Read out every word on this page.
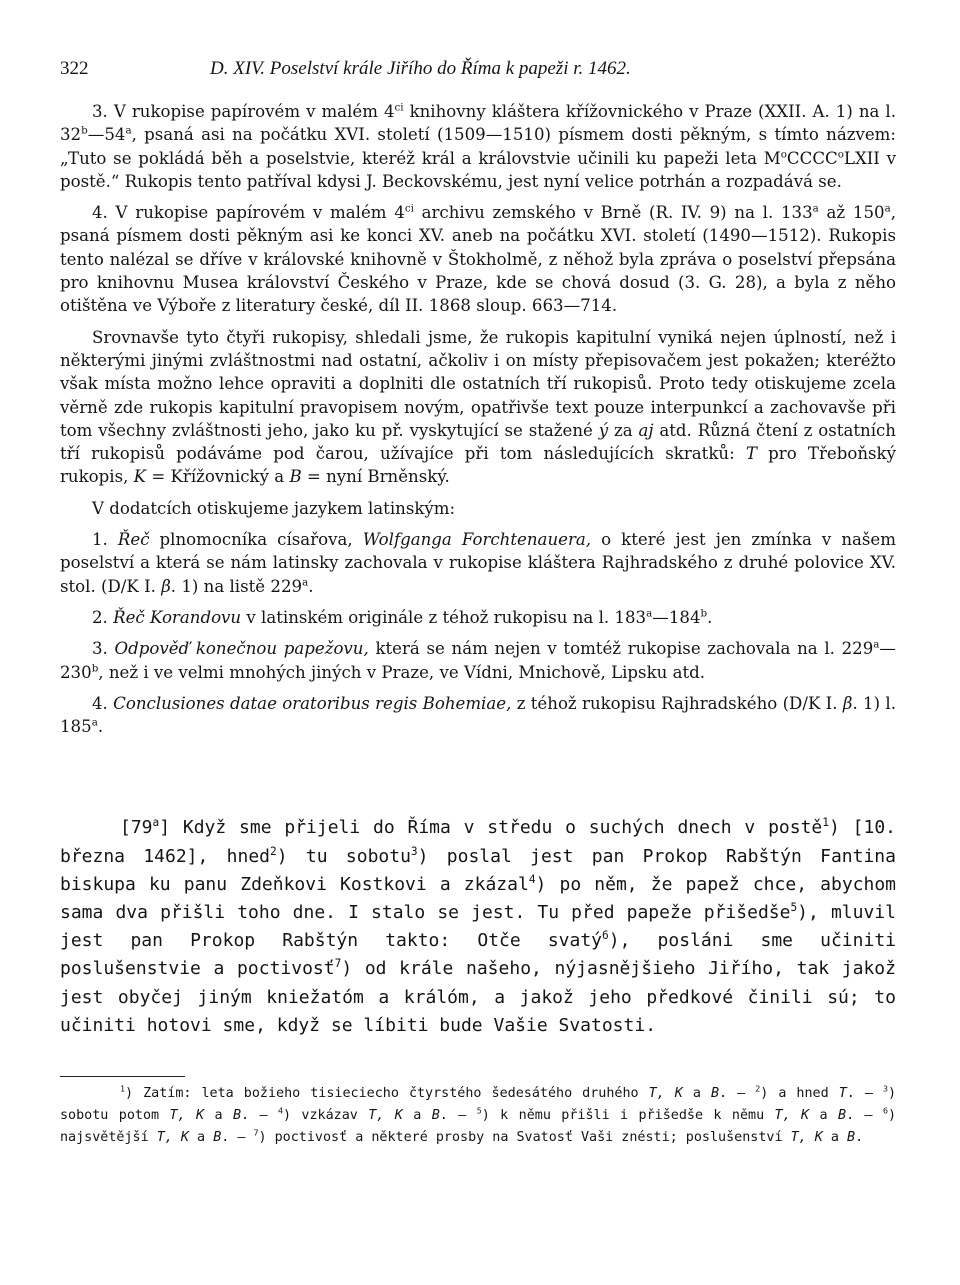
322	D. XIV. Poselství krále Jiřího do Říma k papeži r. 1462.

3. V rukopise papírovém v malém $4^{ci}$ knihovny kláštera křížovnického v Praze (XXII. A. 1) na l. 32$^b$—54$^a$, psaná asi na počátku XVI. století (1509—1510) písmem dosti pěkným, s tímto názvem: „Tuto se pokládá běh a poselstvie, kteréž král a královstvie učinili ku papeži leta $M^oCCCC^oLXII$ v postě.“ Rukopis tento patříval kdysi J. Beckovskému, jest nyní velice potrhán a rozpadává se.

4. V rukopise papírovém v malém $4^{ci}$ archivu zemského v Brně (R. IV. 9) na l. 133$^a$ až 150$^a$, psaná písmem dosti pěkným asi ke konci XV. aneb na počátku XVI. století (1490—1512). Rukopis tento nalézal se dříve v královské knihovně v Štokholmě, z něhož byla zpráva o poselství přepsána pro knihovnu Musea království Českého v Praze, kde se chová dosud (3. G. 28), a byla z něho otištěna ve Výboře z literatury české, díl II. 1868 sloup. 663—714.

Srovnavše tyto čtyři rukopisy, shledali jsme, že rukopis kapitulní vyniká nejen úplností, než i některými jinými zvláštnostmi nad ostatní, ačkoliv i on místy přepisovačem jest pokažen; kteréžto však místa možno lehce opraviti a doplniti dle ostatních tří rukopisů. Proto tedy otiskujeme zcela věrně zde rukopis kapitulní pravopisem novým, opatřivše text pouze interpunkcí a zachovavše při tom všechny zvláštnosti jeho, jako ku př. vyskytující se stažené ý za aj atd. Různá čtení z ostatních tří rukopisů podáváme pod čarou, užívajíce při tom následujících skratků: T pro Třeboňský rukopis, K = Křížovnický a B = nyní Brněnský.

V dodatcích otiskujeme jazykem latinským:

1. Řeč plnomocníka císařova, Wolfganga Forchtenauera, o které jest jen zmínka v našem poselství a která se nám latinsky zachovala v rukopise kláštera Rajhradského z druhé polovice XV. stol. (D/K I. β. 1) na listě 229$^a$.

2. Řeč Korandovu v latinském originále z téhož rukopisu na l. 183$^a$—184$^b$.

3. Odpověď konečnou papežovu, která se nám nejen v tomtéž rukopise zachovala na l. 229$^a$—230$^b$, než i ve velmi mnohých jiných v Praze, ve Vídni, Mnichově, Lipsku atd.

4. Conclusiones datae oratoribus regis Bohemiae, z téhož rukopisu Rajhradského (D/K I. β. 1) l. 185$^a$.

[79$^a$] Když sme přijeli do Říma v středu o suchých dnech v postě$^1$) [10. března 1462], hned$^2$) tu sobotu$^3$) poslal jest pan Prokop Rabštýn Fantina biskupa ku panu Zdeňkovi Kostkovi a zkázal$^4$) po něm, že papež chce, abychom sama dva přišli toho dne. I stalo se jest. Tu před papeže přišedše$^5$), mluvil jest pan Prokop Rabštýn takto: Otče svatý$^6$), posláni sme učiniti poslušenstvie a poctivosť$^7$) od krále našeho, nýjasnějšieho Jiřího, tak jakož jest obyčej jiným kniežatóm a králóm, a jakož jeho předkové činili sú; to učiniti hotovi sme, když se líbiti bude Vašie Svatosti.

$^1$) Zatím: leta božieho tisieciecho čtyrstého šedesátého druhého T, K a B. — $^2$) a hned T. — $^3$) sobotu potom T, K a B. — $^4$) vzkázav T, K a B. — $^5$) k němu přišli i přišedše k němu T, K a B. — $^6$) najsvětější T, K a B. — $^7$) poctivosť a některé prosby na Svatosť Vaši znésti; poslušenství T, K a B.
